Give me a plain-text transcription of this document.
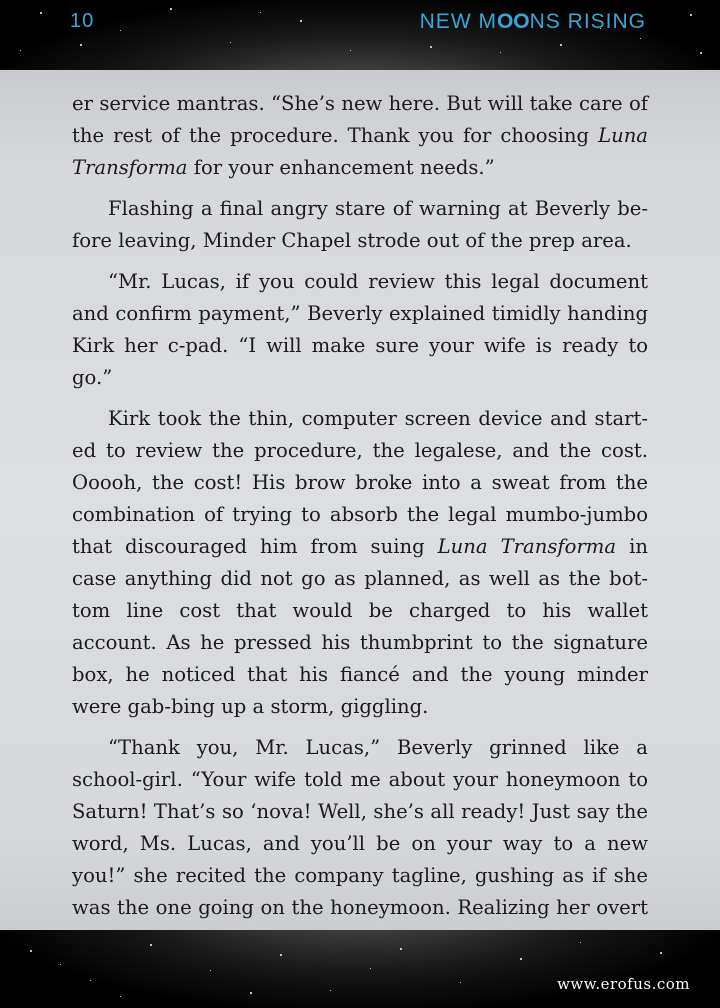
10	NEW MOONS RISING

er service mantras. “She’s new here. But will take care of the rest of the procedure. Thank you for choosing Luna Transforma for your enhancement needs.”

Flashing a final angry stare of warning at Beverly be-fore leaving, Minder Chapel strode out of the prep area.

“Mr. Lucas, if you could review this legal document and confirm payment,” Beverly explained timidly handing Kirk her c-pad. “I will make sure your wife is ready to go.”

Kirk took the thin, computer screen device and start-ed to review the procedure, the legalese, and the cost. Ooooh, the cost! His brow broke into a sweat from the combination of trying to absorb the legal mumbo-jumbo that discouraged him from suing Luna Transforma in case anything did not go as planned, as well as the bot-tom line cost that would be charged to his wallet account. As he pressed his thumbprint to the signature box, he noticed that his fiancé and the young minder were gab-bing up a storm, giggling.

“Thank you, Mr. Lucas,” Beverly grinned like a school-girl. “Your wife told me about your honeymoon to Saturn! That’s so ‘nova! Well, she’s all ready! Just say the word, Ms. Lucas, and you’ll be on your way to a new you!” she recited the company tagline, gushing as if she was the one going on the honeymoon. Realizing her overt

www.erofus.com
